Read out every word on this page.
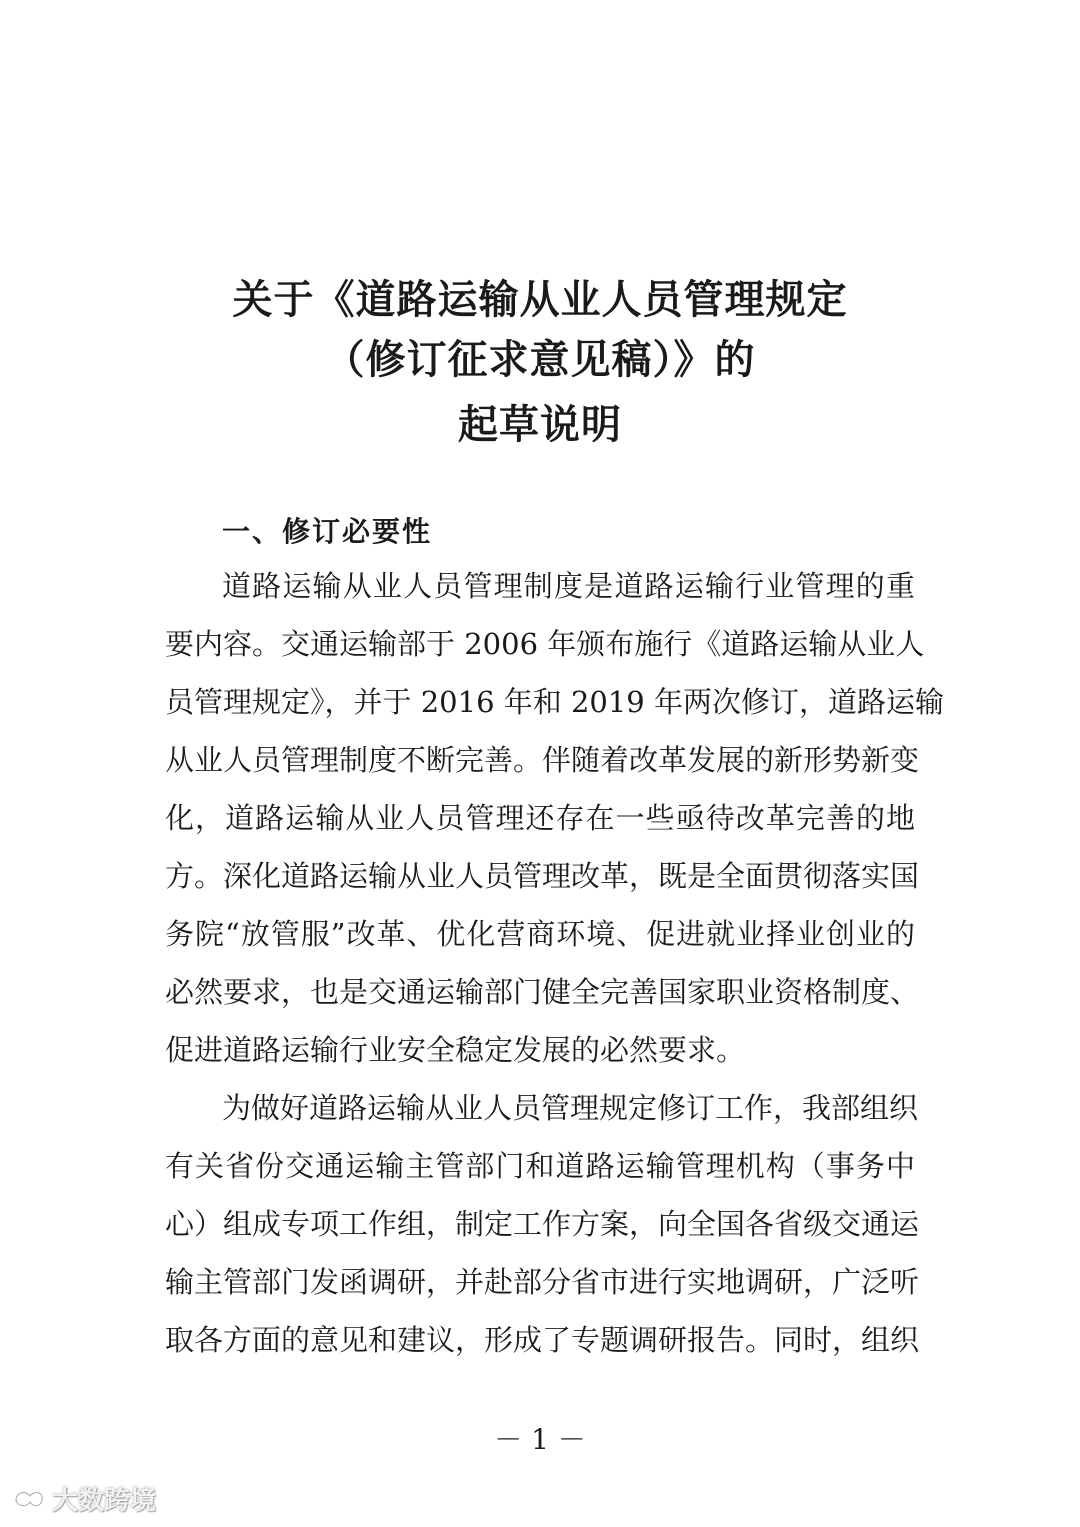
关于《道路运输从业人员管理规定
（修订征求意见稿）》的
起草说明
一、修订必要性
道路运输从业人员管理制度是道路运输行业管理的重
要内容。交通运输部于 2006 年颁布施行《道路运输从业人
员管理规定》，并于 2016 年和 2019 年两次修订，道路运输
从业人员管理制度不断完善。伴随着改革发展的新形势新变
化，道路运输从业人员管理还存在一些亟待改革完善的地
方。深化道路运输从业人员管理改革，既是全面贯彻落实国
务院“放管服”改革、优化营商环境、促进就业择业创业的
必然要求，也是交通运输部门健全完善国家职业资格制度、
促进道路运输行业安全稳定发展的必然要求。
为做好道路运输从业人员管理规定修订工作，我部组织
有关省份交通运输主管部门和道路运输管理机构（事务中
心）组成专项工作组，制定工作方案，向全国各省级交通运
输主管部门发函调研，并赴部分省市进行实地调研，广泛听
取各方面的意见和建议，形成了专题调研报告。同时，组织
－ 1 －
大数跨境
